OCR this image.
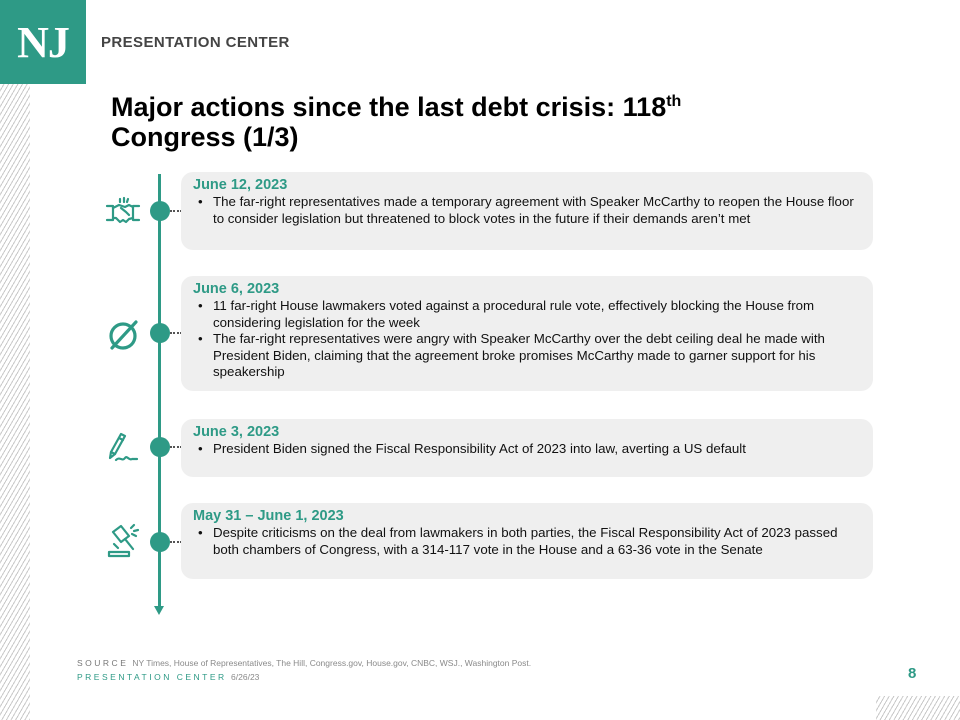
NJ	PRESENTATION CENTER
Major actions since the last debt crisis: 118th
Congress (1/3)
June 12, 2023
• The far-right representatives made a temporary agreement with Speaker McCarthy to reopen the House floor to consider legislation but threatened to block votes in the future if their demands aren’t met
June 6, 2023
• 11 far-right House lawmakers voted against a procedural rule vote, effectively blocking the House from considering legislation for the week
• The far-right representatives were angry with Speaker McCarthy over the debt ceiling deal he made with President Biden, claiming that the agreement broke promises McCarthy made to garner support for his speakership
June 3, 2023
• President Biden signed the Fiscal Responsibility Act of 2023 into law, averting a US default
May 31 – June 1, 2023
• Despite criticisms on the deal from lawmakers in both parties, the Fiscal Responsibility Act of 2023 passed both chambers of Congress, with a 314-117 vote in the House and a 63-36 vote in the Senate
SOURCE NY Times, House of Representatives, The Hill, Congress.gov, House.gov, CNBC, WSJ., Washington Post.
PRESENTATION CENTER 6/26/23	8
